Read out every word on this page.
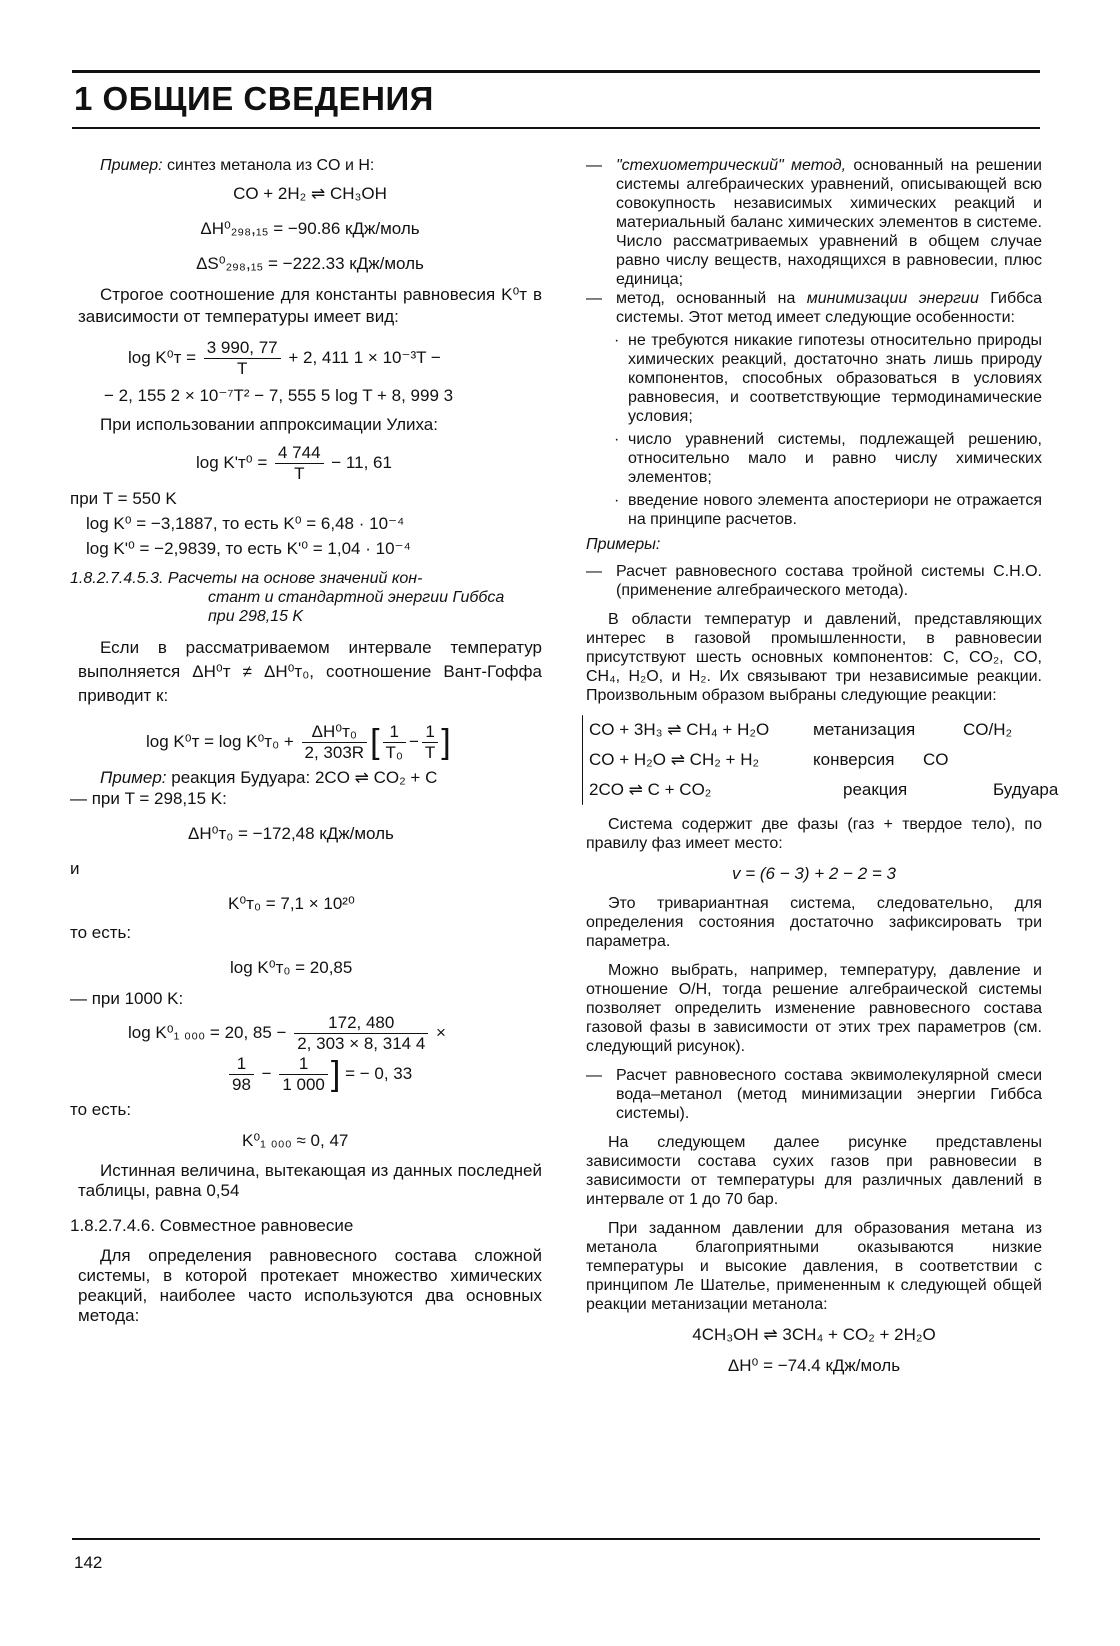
1 ОБЩИЕ СВЕДЕНИЯ

Пример: синтез метанола из CO и H:

CO + 2H₂ ⇌ CH₃OH

ΔH⁰₂₉₈,₁₅ = −90.86 кДж/моль

ΔS⁰₂₉₈,₁₅ = −222.33 кДж/моль

Строгое соотношение для константы равновесия K⁰ᴛ в зависимости от температуры имеет вид:

log K⁰ᴛ = $\frac{3 990, 77}{T} + 2$, 411 1 × 10⁻³T −

− 2, 155 2 × 10⁻⁷T² − 7, 555 5 log T + 8, 999 3

При использовании аппроксимации Улиха:

log K'ᴛ⁰ = $\frac{4 744}{T} - 11$, 61

при T = 550 K

log K⁰ = −3,1887, то есть K⁰ = 6,48 · 10⁻⁴

log K'⁰ = −2,9839, то есть K'⁰ = 1,04 · 10⁻⁴

1.8.2.7.4.5.3. Расчеты на основе значений кон-
стант и стандартной энергии Гиббса
при 298,15 K

Если в рассматриваемом интервале температур выполняется ΔH⁰ᴛ ≠ ΔH⁰ᴛ₀, соотношение Вант-Гоффа приводит к:

log K⁰ᴛ = log K⁰ᴛ₀ + $\frac{\text{ΔH⁰ᴛ₀}}{2, 303R}$ [ $\frac{1}{\text{T₀}} - \frac{1}{T}$ ]

Пример: реакция Будуара: 2CO ⇌ CO₂ + C

— при T = 298,15 K:

ΔH⁰ᴛ₀ = −172,48 кДж/моль

и

K⁰ᴛ₀ = 7,1 × 10²⁰

то есть:

log K⁰ᴛ₀ = 20,85

— при 1000 K:

log K⁰₁ ₀₀₀ = 20, $85 - \frac{172, 480}{2, 303 \times 8, 314 4}$ ×

$\frac{1}{98} - \frac{1}{1 000}$ ] = − 0, 33

то есть:

K⁰₁ ₀₀₀ ≈ 0, 47

Истинная величина, вытекающая из данных последней таблицы, равна 0,54

1.8.2.7.4.6. Совместное равновесие

Для определения равновесного состава сложной системы, в которой протекает множество химических реакций, наиболее часто используются два основных метода:

— "стехиометрический" метод, основанный на решении системы алгебраических уравнений, описывающей всю совокупность независимых химических реакций и материальный баланс химических элементов в системе. Число рассматриваемых уравнений в общем случае равно числу веществ, находящихся в равновесии, плюс единица;
— метод, основанный на минимизации энергии Гиббса системы. Этот метод имеет следующие особенности:
· не требуются никакие гипотезы относительно природы химических реакций, достаточно знать лишь природу компонентов, способных образоваться в условиях равновесия, и соответствующие термодинамические условия;
· число уравнений системы, подлежащей решению, относительно мало и равно числу химических элементов;
· введение нового элемента апостериори не отражается на принципе расчетов.

Примеры:

— Расчет равновесного состава тройной системы C.H.O. (применение алгебраического метода).

В области температур и давлений, представляющих интерес в газовой промышленности, в равновесии присутствуют шесть основных компонентов: C, CO₂, CO, CH₄, H₂O, и H₂. Их связывают три независимые реакции. Произвольным образом выбраны следующие реакции:

CO + 3H₃ ⇌ CH₄ + H₂O	метанизация	CO/H₂
CO + H₂O ⇌ CH₂ + H₂	конверсия	CO
2CO ⇌ C + CO₂	реакция	Будуара

Система содержит две фазы (газ + твердое тело), по правилу фаз имеет место:

v = (6 − 3) + 2 − 2 = 3

Это тривариантная система, следовательно, для определения состояния достаточно зафиксировать три параметра.

Можно выбрать, например, температуру, давление и отношение O/H, тогда решение алгебраической системы позволяет определить изменение равновесного состава газовой фазы в зависимости от этих трех параметров (см. следующий рисунок).

— Расчет равновесного состава эквимолекулярной смеси вода–метанол (метод минимизации энергии Гиббса системы).

На следующем далее рисунке представлены зависимости состава сухих газов при равновесии в зависимости от температуры для различных давлений в интервале от 1 до 70 бар.

При заданном давлении для образования метана из метанола благоприятными оказываются низкие температуры и высокие давления, в соответствии с принципом Ле Шателье, примененным к следующей общей реакции метанизации метанола:

4CH₃OH ⇌ 3CH₄ + CO₂ + 2H₂O

ΔH⁰ = −74.4 кДж/моль

142
